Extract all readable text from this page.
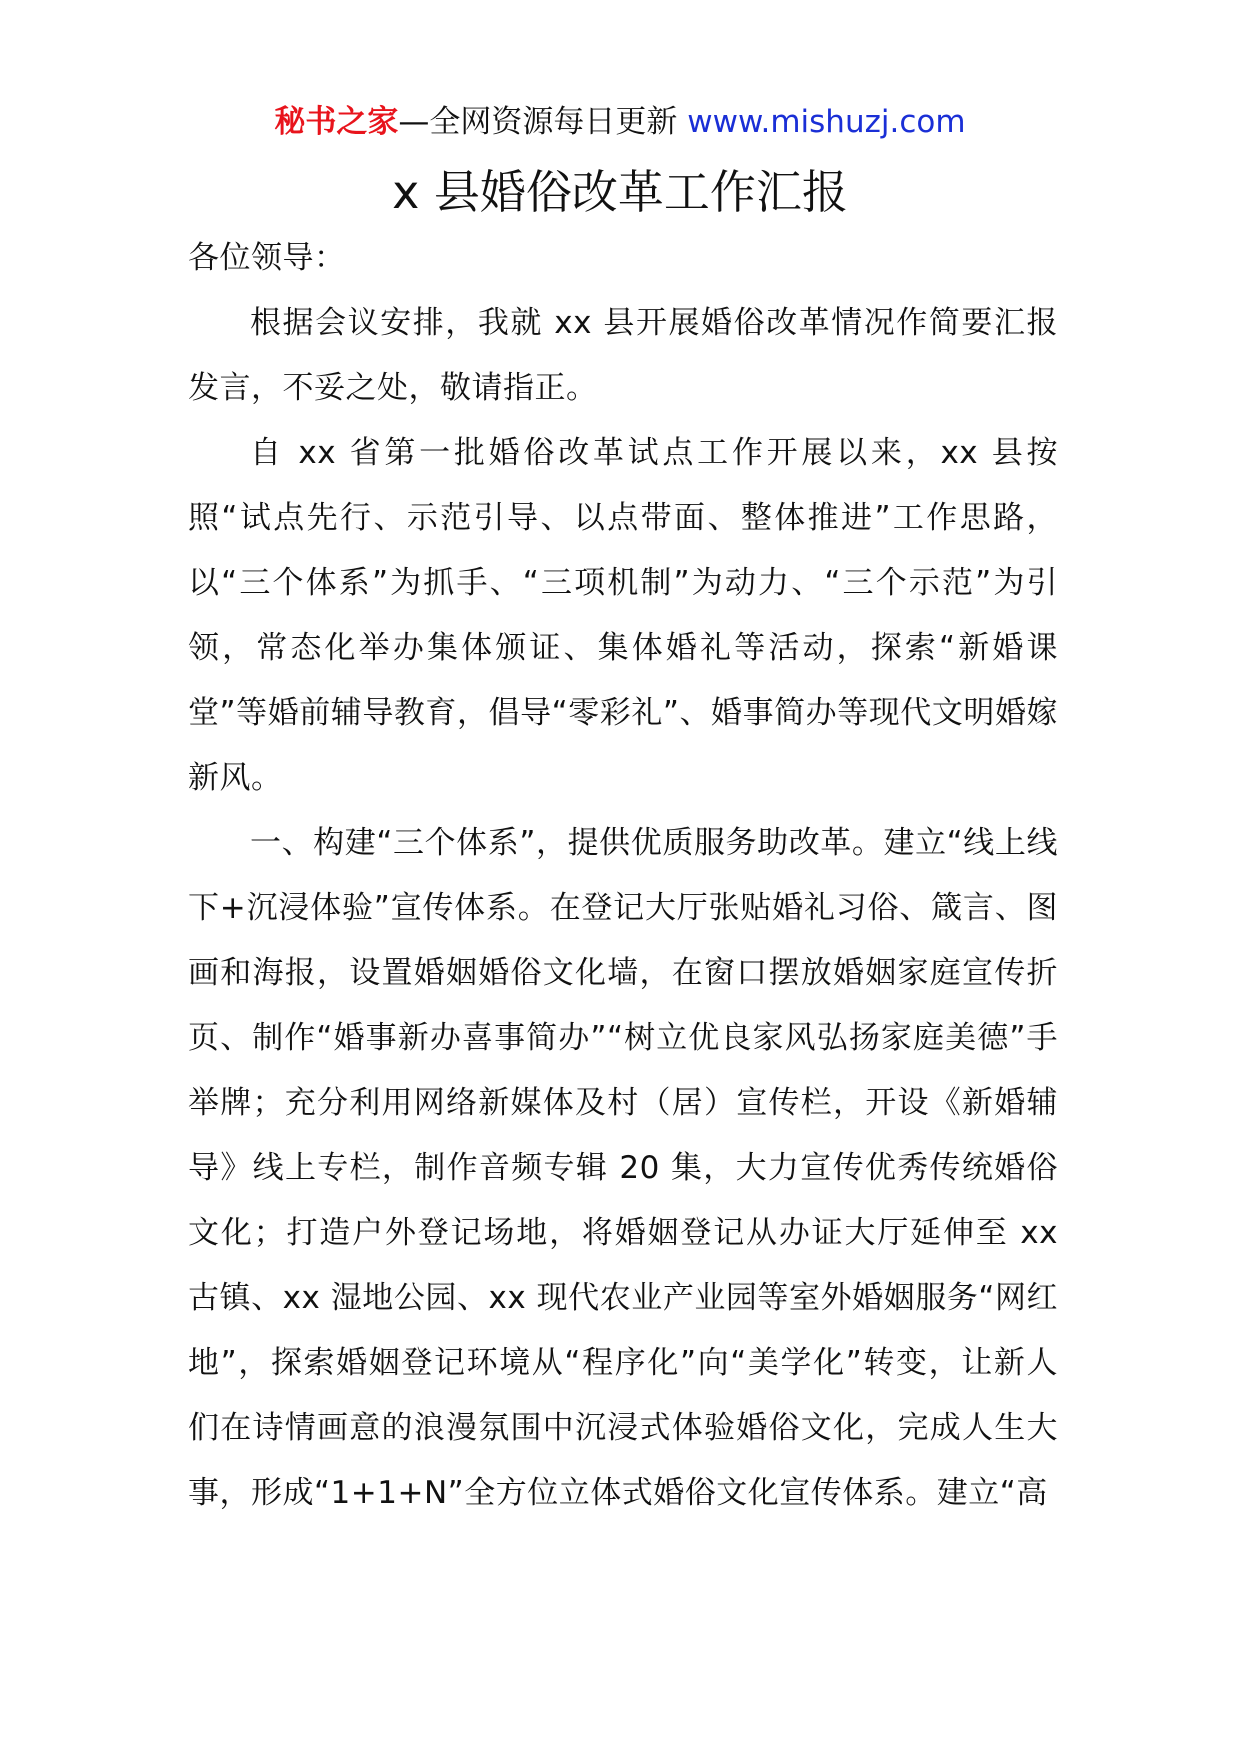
秘书之家—全网资源每日更新 www.mishuzj.com
x 县婚俗改革工作汇报

各位领导：

根据会议安排，我就 xx 县开展婚俗改革情况作简要汇报发言，不妥之处，敬请指正。

自 xx 省第一批婚俗改革试点工作开展以来，xx 县按照“试点先行、示范引导、以点带面、整体推进”工作思路，以“三个体系”为抓手、“三项机制”为动力、“三个示范”为引领，常态化举办集体颁证、集体婚礼等活动，探索“新婚课堂”等婚前辅导教育，倡导“零彩礼”、婚事简办等现代文明婚嫁新风。

一、构建“三个体系”，提供优质服务助改革。建立“线上线下+沉浸体验”宣传体系。在登记大厅张贴婚礼习俗、箴言、图画和海报，设置婚姻婚俗文化墙，在窗口摆放婚姻家庭宣传折页、制作“婚事新办喜事简办”“树立优良家风弘扬家庭美德”手举牌；充分利用网络新媒体及村（居）宣传栏，开设《新婚辅导》线上专栏，制作音频专辑 20 集，大力宣传优秀传统婚俗文化；打造户外登记场地，将婚姻登记从办证大厅延伸至 xx 古镇、xx 湿地公园、xx 现代农业产业园等室外婚姻服务“网红地”，探索婚姻登记环境从“程序化”向“美学化”转变，让新人们在诗情画意的浪漫氛围中沉浸式体验婚俗文化，完成人生大事，形成“1+1+N”全方位立体式婚俗文化宣传体系。建立“高
